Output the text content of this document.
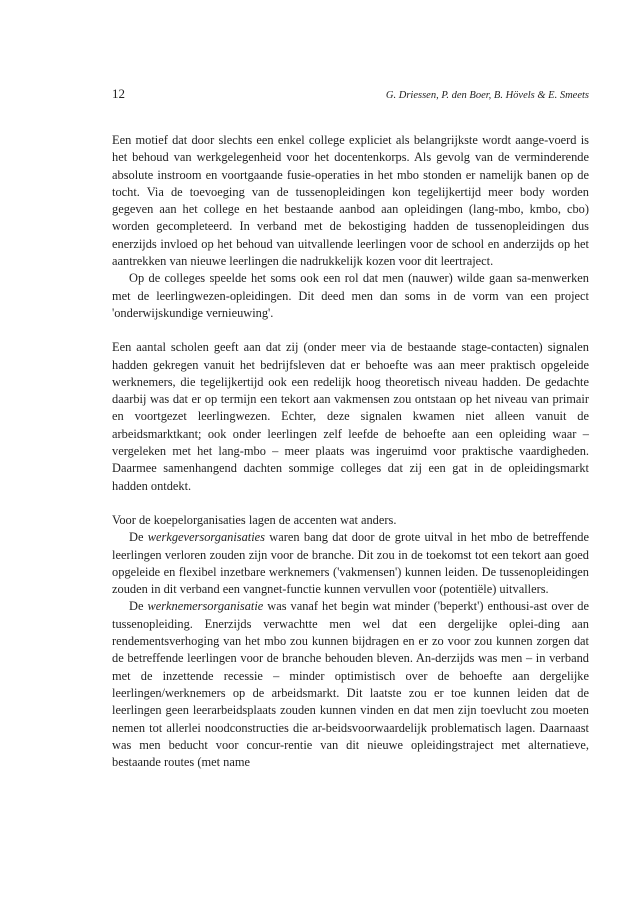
12	G. Driessen, P. den Boer, B. Hövels & E. Smeets

Een motief dat door slechts een enkel college expliciet als belangrijkste wordt aange-voerd is het behoud van werkgelegenheid voor het docentenkorps. Als gevolg van de verminderende absolute instroom en voortgaande fusie-operaties in het mbo stonden er namelijk banen op de tocht. Via de toevoeging van de tussenopleidingen kon tegelijkertijd meer body worden gegeven aan het college en het bestaande aanbod aan opleidingen (lang-mbo, kmbo, cbo) worden gecompleteerd. In verband met de bekostiging hadden de tussenopleidingen dus enerzijds invloed op het behoud van uitvallende leerlingen voor de school en anderzijds op het aantrekken van nieuwe leerlingen die nadrukkelijk kozen voor dit leertraject.

Op de colleges speelde het soms ook een rol dat men (nauwer) wilde gaan sa-menwerken met de leerlingwezen-opleidingen. Dit deed men dan soms in de vorm van een project 'onderwijskundige vernieuwing'.

Een aantal scholen geeft aan dat zij (onder meer via de bestaande stage-contacten) signalen hadden gekregen vanuit het bedrijfsleven dat er behoefte was aan meer praktisch opgeleide werknemers, die tegelijkertijd ook een redelijk hoog theoretisch niveau hadden. De gedachte daarbij was dat er op termijn een tekort aan vakmensen zou ontstaan op het niveau van primair en voortgezet leerlingwezen. Echter, deze signalen kwamen niet alleen vanuit de arbeidsmarktkant; ook onder leerlingen zelf leefde de behoefte aan een opleiding waar – vergeleken met het lang-mbo – meer plaats was ingeruimd voor praktische vaardigheden. Daarmee samenhangend dachten sommige colleges dat zij een gat in de opleidingsmarkt hadden ontdekt.

Voor de koepelorganisaties lagen de accenten wat anders.

De werkgeversorganisaties waren bang dat door de grote uitval in het mbo de betreffende leerlingen verloren zouden zijn voor de branche. Dit zou in de toekomst tot een tekort aan goed opgeleide en flexibel inzetbare werknemers ('vakmensen') kunnen leiden. De tussenopleidingen zouden in dit verband een vangnet-functie kunnen vervullen voor (potentiële) uitvallers.

De werknemersorganisatie was vanaf het begin wat minder ('beperkt') enthousi-ast over de tussenopleiding. Enerzijds verwachtte men wel dat een dergelijke oplei-ding aan rendementsverhoging van het mbo zou kunnen bijdragen en er zo voor zou kunnen zorgen dat de betreffende leerlingen voor de branche behouden bleven. An-derzijds was men – in verband met de inzettende recessie – minder optimistisch over de behoefte aan dergelijke leerlingen/werknemers op de arbeidsmarkt. Dit laatste zou er toe kunnen leiden dat de leerlingen geen leerarbeidsplaats zouden kunnen vinden en dat men zijn toevlucht zou moeten nemen tot allerlei noodconstructies die ar-beidsvoorwaardelijk problematisch lagen. Daarnaast was men beducht voor concur-rentie van dit nieuwe opleidingstraject met alternatieve, bestaande routes (met name
